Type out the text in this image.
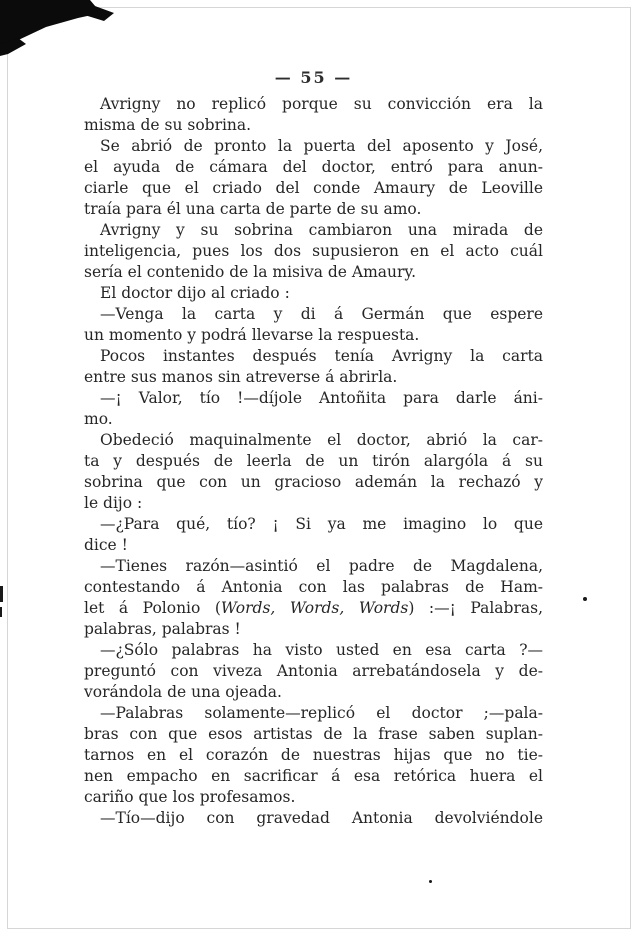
— 55 —
Avrigny no replicó porque su convicción era la
misma de su sobrina.
Se abrió de pronto la puerta del aposento y José,
el ayuda de cámara del doctor, entró para anun-
ciarle que el criado del conde Amaury de Leoville
traía para él una carta de parte de su amo.
Avrigny y su sobrina cambiaron una mirada de
inteligencia, pues los dos supusieron en el acto cuál
sería el contenido de la misiva de Amaury.
El doctor dijo al criado :
—Venga la carta y di á Germán que espere
un momento y podrá llevarse la respuesta.
Pocos instantes después tenía Avrigny la carta
entre sus manos sin atreverse á abrirla.
—¡ Valor, tío !—díjole Antoñita para darle áni-
mo.
Obedeció maquinalmente el doctor, abrió la car-
ta y después de leerla de un tirón alargóla á su
sobrina que con un gracioso ademán la rechazó y
le dijo :
—¿Para qué, tío? ¡ Si ya me imagino lo que
dice !
—Tienes razón—asintió el padre de Magdalena,
contestando á Antonia con las palabras de Ham-
let á Polonio (Words, Words, Words) :—¡ Palabras,
palabras, palabras !
—¿Sólo palabras ha visto usted en esa carta ?—
preguntó con viveza Antonia arrebatándosela y de-
vorándola de una ojeada.
—Palabras solamente—replicó el doctor ;—pala-
bras con que esos artistas de la frase saben suplan-
tarnos en el corazón de nuestras hijas que no tie-
nen empacho en sacrificar á esa retórica huera el
cariño que los profesamos.
—Tío—dijo con gravedad Antonia devolviéndole
